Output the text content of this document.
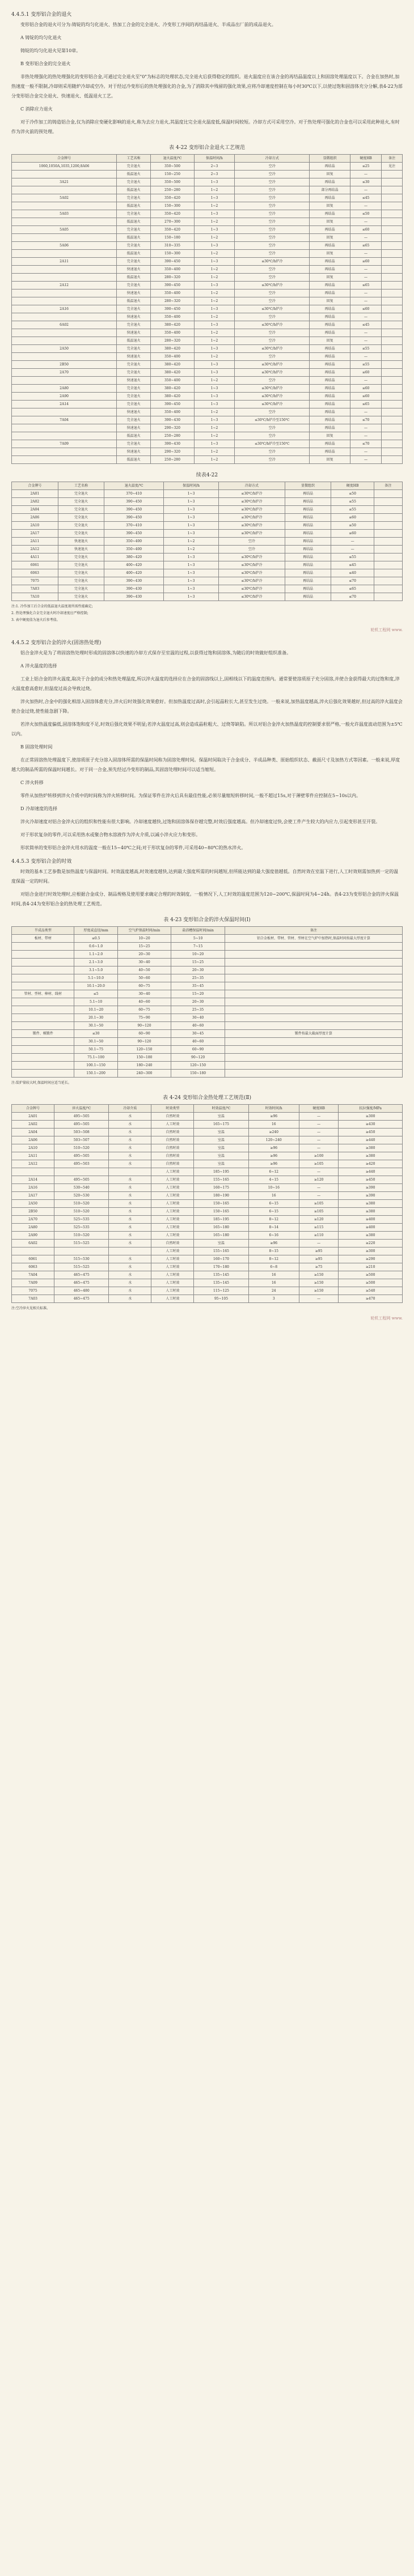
4.4.5.1 变形铝合金的退火

变形铝合金的退火可分为:铸锭的均匀化退火、热加工合金的完全退火、冷变形工序间的再结晶退火、半成品出厂前的成品退火。

A 铸锭的均匀化退火

铸锭的均匀化退火见第10章。

B 变形铝合金的完全退火

非热处理强化的热处理强化的变形铝合金,可通过完全退火至"0"为标志的处理状态,完全退火后获得稳定的组织。退火温度应在该合金的再结晶温度以上和固溶处理温度以下。合金在加热时,加热速度一般不限制,冷却则采用随炉冷却或空冷。对于经过冷变形后的热处理强化的合金,为了消除其中残留的强化效果,应将冷却速度控制在每小时30℃以下,以使过饱和固溶体充分分解,表4-22为部分变形铝合金完全退火、快速退火、低温退火工艺。

C 消除应力退火

对于冷作加工的铸造铝合金,仅为消除应变硬化影响的退火,称为去应力退火,其温度比完全退火温度低,保温时间较短。冷却方式可采用空冷。对于热处理可强化的合金也可以采用此种退火,有时作为淬火前的预处理。

表 4-22 变形铝合金退火工艺规范
合金牌号	工艺名称	退火温度/℃	保温时间/h	冷却方式	显微组织	硬度HB	备注
1060,1050A,1035,1200,8A06	完全退火	350~500	2~3	空冷	再结晶	≤25	见注
	低温退火	150~250	2~3	空冷	回复	—	
3A21	完全退火	350~500	1~3	空冷	再结晶	≤30	
	低温退火	250~280	1~2	空冷	部分再结晶	—	
5A02	完全退火	350~420	1~3	空冷	再结晶	≤45	
	低温退火	150~300	1~2	空冷	回复	—	
5A03	完全退火	350~420	1~3	空冷	再结晶	≤50	
	低温退火	270~300	1~2	空冷	回复	—	
5A05	完全退火	350~420	1~3	空冷	再结晶	≤60	
	低温退火	150~180	1~2	空冷	回复	—	
5A06	完全退火	310~335	1~3	空冷	再结晶	≤65	
	低温退火	150~300	1~2	空冷	回复	—	
2A11	完全退火	390~450	1~3	≤30℃/h炉冷	再结晶	≤60	
	快速退火	350~400	1~2	空冷	再结晶	—	
	低温退火	280~320	1~2	空冷	回复	—	
2A12	完全退火	390~450	1~3	≤30℃/h炉冷	再结晶	≤65	
	快速退火	350~400	1~2	空冷	再结晶	—	
	低温退火	280~320	1~2	空冷	回复	—	
2A16	完全退火	390~450	1~3	≤30℃/h炉冷	再结晶	≤60	
	快速退火	350~400	1~2	空冷	再结晶	—	
6A02	完全退火	380~420	1~3	≤30℃/h炉冷	再结晶	≤45	
	快速退火	350~400	1~2	空冷	再结晶	—	
	低温退火	280~320	1~2	空冷	回复	—	
2A50	完全退火	380~420	1~3	≤30℃/h炉冷	再结晶	≤55	
	快速退火	350~400	1~2	空冷	再结晶	—	
2B50	完全退火	380~420	1~3	≤30℃/h炉冷	再结晶	≤55	
2A70	完全退火	380~420	1~3	≤30℃/h炉冷	再结晶	≤60	
	快速退火	350~400	1~2	空冷	再结晶	—	
2A80	完全退火	380~420	1~3	≤30℃/h炉冷	再结晶	≤60	
2A90	完全退火	380~420	1~3	≤30℃/h炉冷	再结晶	≤60	
2A14	完全退火	390~450	1~3	≤30℃/h炉冷	再结晶	≤65	
	快速退火	350~400	1~2	空冷	再结晶	—	
7A04	完全退火	390~430	1~3	≤30℃/h炉冷至150℃	再结晶	≤70	
	快速退火	290~320	1~2	空冷	再结晶	—	
	低温退火	250~280	1~2	空冷	回复	—	
7A09	完全退火	390~430	1~3	≤30℃/h炉冷至150℃	再结晶	≤70	
	快速退火	290~320	1~2	空冷	再结晶	—	
	低温退火	250~280	1~2	空冷	回复	—	
续表4-22
合金牌号	工艺名称	退火温度/℃	保温时间/h	冷却方式	显微组织	硬度HB	备注
2A01	完全退火	370~410	1~3	≤30℃/h炉冷	再结晶	≤50	
2A02	完全退火	390~450	1~3	≤30℃/h炉冷	再结晶	≤55	
2A04	完全退火	390~450	1~3	≤30℃/h炉冷	再结晶	≤55	
2A06	完全退火	390~450	1~3	≤30℃/h炉冷	再结晶	≤60	
2A10	完全退火	370~410	1~3	≤30℃/h炉冷	再结晶	≤50	
2A17	完全退火	390~450	1~3	≤30℃/h炉冷	再结晶	≤60	
2A11	快速退火	350~400	1~2	空冷	再结晶	—	
2A12	快速退火	350~400	1~2	空冷	再结晶	—	
4A11	完全退火	380~420	1~3	≤30℃/h炉冷	再结晶	≤55	
6061	完全退火	400~420	1~3	≤30℃/h炉冷	再结晶	≤45	
6063	完全退火	400~420	1~3	≤30℃/h炉冷	再结晶	≤40	
7075	完全退火	390~430	1~3	≤30℃/h炉冷	再结晶	≤70	
7A03	完全退火	390~430	1~3	≤30℃/h炉冷	再结晶	≤65	
7A10	完全退火	390~430	1~3	≤30℃/h炉冷	再结晶	≤70	
注:1. 冷作加工后合金的低温退火温度视所需性能确定;
2. 热处理强化合金完全退火时冷却速度应严格控制;
3. 表中硬度值为退火后参考值。
轮机工程网 www.
4.4.5.2 变形铝合金的淬火(固溶热处理)

铝合金淬火是为了将固溶热处理时形成的固溶体以快速的冷却方式保存至室温的过程,以获得过饱和固溶体,为随后的时效做好组织准备。

A 淬火温度的选择

工业上铝合金的淬火温度,取决于合金的成分和热处理温度,所以淬火温度的选择应在合金的固溶线以上,固相线以下的温度范围内。通常要使溶质原子充分固溶,并使合金获得最大的过饱和度,淬火温度愈高愈好,但温度过高会导致过烧。

淬火加热时,合金中的强化相溶入固溶体愈充分,淬火后时效强化效果愈好。但加热温度过高时,会引起晶粒长大,甚至发生过烧。一般来说,加热温度越高,淬火后强化效果越好,但过高的淬火温度会使合金过烧,使性能急剧下降。

若淬火加热温度偏低,固溶体饱和度不足,时效后强化效果不明显;若淬火温度过高,则会造成晶粒粗大、过烧等缺陷。所以对铝合金淬火加热温度的控制要求很严格,一般允许温度波动范围为±5℃以内。

B 固溶处理时间

在正常固溶热处理温度下,使溶质原子充分溶入固溶体所需的保温时间称为固溶处理时间。保温时间取决于合金成分、半成品种类、原始组织状态、截面尺寸及加热方式等因素。一般来说,厚度越大的制品所需的保温时间越长。对于同一合金,预先经过冷变形的制品,其固溶处理时间可以适当缩短。

C 淬火转移

零件从加热炉转移到淬火介质中的时间称为淬火转移时间。为保证零件在淬火后具有最佳性能,必须尽量缩短转移时间,一般不超过15s,对于薄壁零件应控制在5~10s以内。

D 冷却速度的选择

淬火冷却速度对铝合金淬火后的组织和性能有很大影响。冷却速度越快,过饱和固溶体保存越完整,时效后强度越高。但冷却速度过快,会使工件产生较大的内应力,引起变形甚至开裂。

对于形状复杂的零件,可以采用热水或聚合物水溶液作为淬火介质,以减小淬火应力和变形。

形状简单的变形铝合金淬火用水的温度一般在15~40℃之间;对于形状复杂的零件,可采用40~80℃的热水淬火。

4.4.5.3 变形铝合金的时效

时效的基本工艺参数是加热温度与保温时间。时效温度越高,时效速度越快,达到最大强度所需的时间越短,但所能达到的最大强度值越低。自然时效在室温下进行,人工时效则需加热到一定的温度保温一定的时间。

对铝合金进行时效处理时,应根据合金成分、制品规格及使用要求确定合理的时效制度。一般情况下,人工时效的温度范围为120~200℃,保温时间为4~24h。表4-23为变形铝合金的淬火保温时间,表4-24为变形铝合金的热处理工艺规范。

表 4-23 变形铝合金的淬火保温时间(Ⅰ)
半成品类型	厚度或直径/mm	空气炉保温时间/min	盐浴槽保温时间/min	备注
板材、带材	≤0.5	10~20	5~10	铝合金板材、带材、管材、型材在空气炉中加热时,保温时间按最大厚度计算
	0.6~1.0	15~25	7~15	
	1.1~2.0	20~30	10~20	
	2.1~3.0	30~40	15~25	
	3.1~5.0	40~50	20~30	
	5.1~10.0	50~60	25~35	
	10.1~20.0	60~75	35~45	
管材、型材、棒材、线材	≤5	30~40	15~20	
	5.1~10	40~60	20~30	
	10.1~20	60~75	25~35	
	20.1~30	75~90	30~40	
	30.1~50	90~120	40~60	
锻件、模锻件	≤30	60~90	30~45	锻件按最大截面厚度计算
	30.1~50	90~120	40~60	
	50.1~75	120~150	60~90	
	75.1~100	150~180	90~120	
	100.1~150	180~240	120~150	
	150.1~200	240~300	150~180	
注:装炉量较大时,保温时间应适当延长。
表 4-24 变形铝合金热处理工艺规范(Ⅱ)
合金牌号	淬火温度/℃	冷却介质	时效类型	时效温度/℃	时效时间/h	硬度HB	抗拉强度/MPa
2A01	495~505	水	自然时效	室温	≥96	—	≥300
2A02	495~505	水	人工时效	165~175	16	—	≥430
2A04	503~508	水	自然时效	室温	≥240	—	≥450
2A06	503~507	水	自然时效	室温	120~240	—	≥440
2A10	510~520	水	自然时效	室温	≥96	—	≥380
2A11	495~505	水	自然时效	室温	≥96	≥100	≥380
2A12	495~503	水	自然时效	室温	≥96	≥105	≥420
			人工时效	185~195	6~12	—	≥440
2A14	495~505	水	人工时效	155~165	4~15	≥120	≥450
2A16	530~540	水	人工时效	160~175	10~16	—	≥390
2A17	520~530	水	人工时效	180~190	16	—	≥390
2A50	510~520	水	人工时效	150~165	6~15	≥105	≥380
2B50	510~520	水	人工时效	150~165	6~15	≥105	≥380
2A70	525~535	水	人工时效	185~195	8~12	≥120	≥400
2A80	525~535	水	人工时效	165~180	8~14	≥115	≥400
2A90	510~520	水	人工时效	165~180	6~16	≥110	≥380
6A02	515~525	水	自然时效	室温	≥96	—	≥220
			人工时效	155~165	8~15	≥95	≥300
6061	515~530	水	人工时效	160~170	8~12	≥95	≥290
6063	515~525	水	人工时效	170~180	6~8	≥75	≥210
7A04	465~475	水	人工时效	135~145	16	≥150	≥500
7A09	465~475	水	人工时效	135~145	16	≥150	≥500
7075	465~480	水	人工时效	115~125	24	≥150	≥540
7A03	465~475	水	人工时效	95~105	3	—	≥470
注:空冷淬火见相关标准。
轮机工程网 www.
